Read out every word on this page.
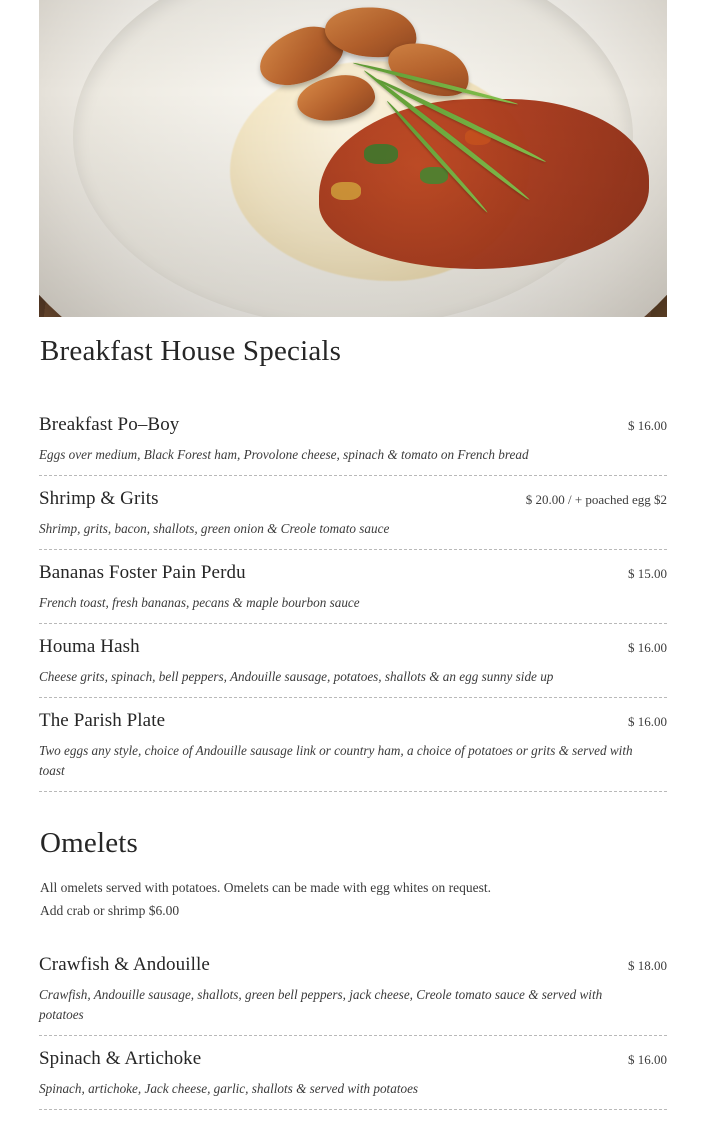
Breakfast House Specials
Breakfast Po–Boy	$ 16.00
Eggs over medium, Black Forest ham, Provolone cheese, spinach & tomato on French bread
Shrimp & Grits	$ 20.00 / + poached egg $2
Shrimp, grits, bacon, shallots, green onion & Creole tomato sauce
Bananas Foster Pain Perdu	$ 15.00
French toast, fresh bananas, pecans & maple bourbon sauce
Houma Hash	$ 16.00
Cheese grits, spinach, bell peppers, Andouille sausage, potatoes, shallots & an egg sunny side up
The Parish Plate	$ 16.00
Two eggs any style, choice of Andouille sausage link or country ham, a choice of potatoes or grits & served with toast
Omelets
All omelets served with potatoes. Omelets can be made with egg whites on request.
Add crab or shrimp $6.00
Crawfish & Andouille	$ 18.00
Crawfish, Andouille sausage, shallots, green bell peppers, jack cheese, Creole tomato sauce & served with potatoes
Spinach & Artichoke	$ 16.00
Spinach, artichoke, Jack cheese, garlic, shallots & served with potatoes
